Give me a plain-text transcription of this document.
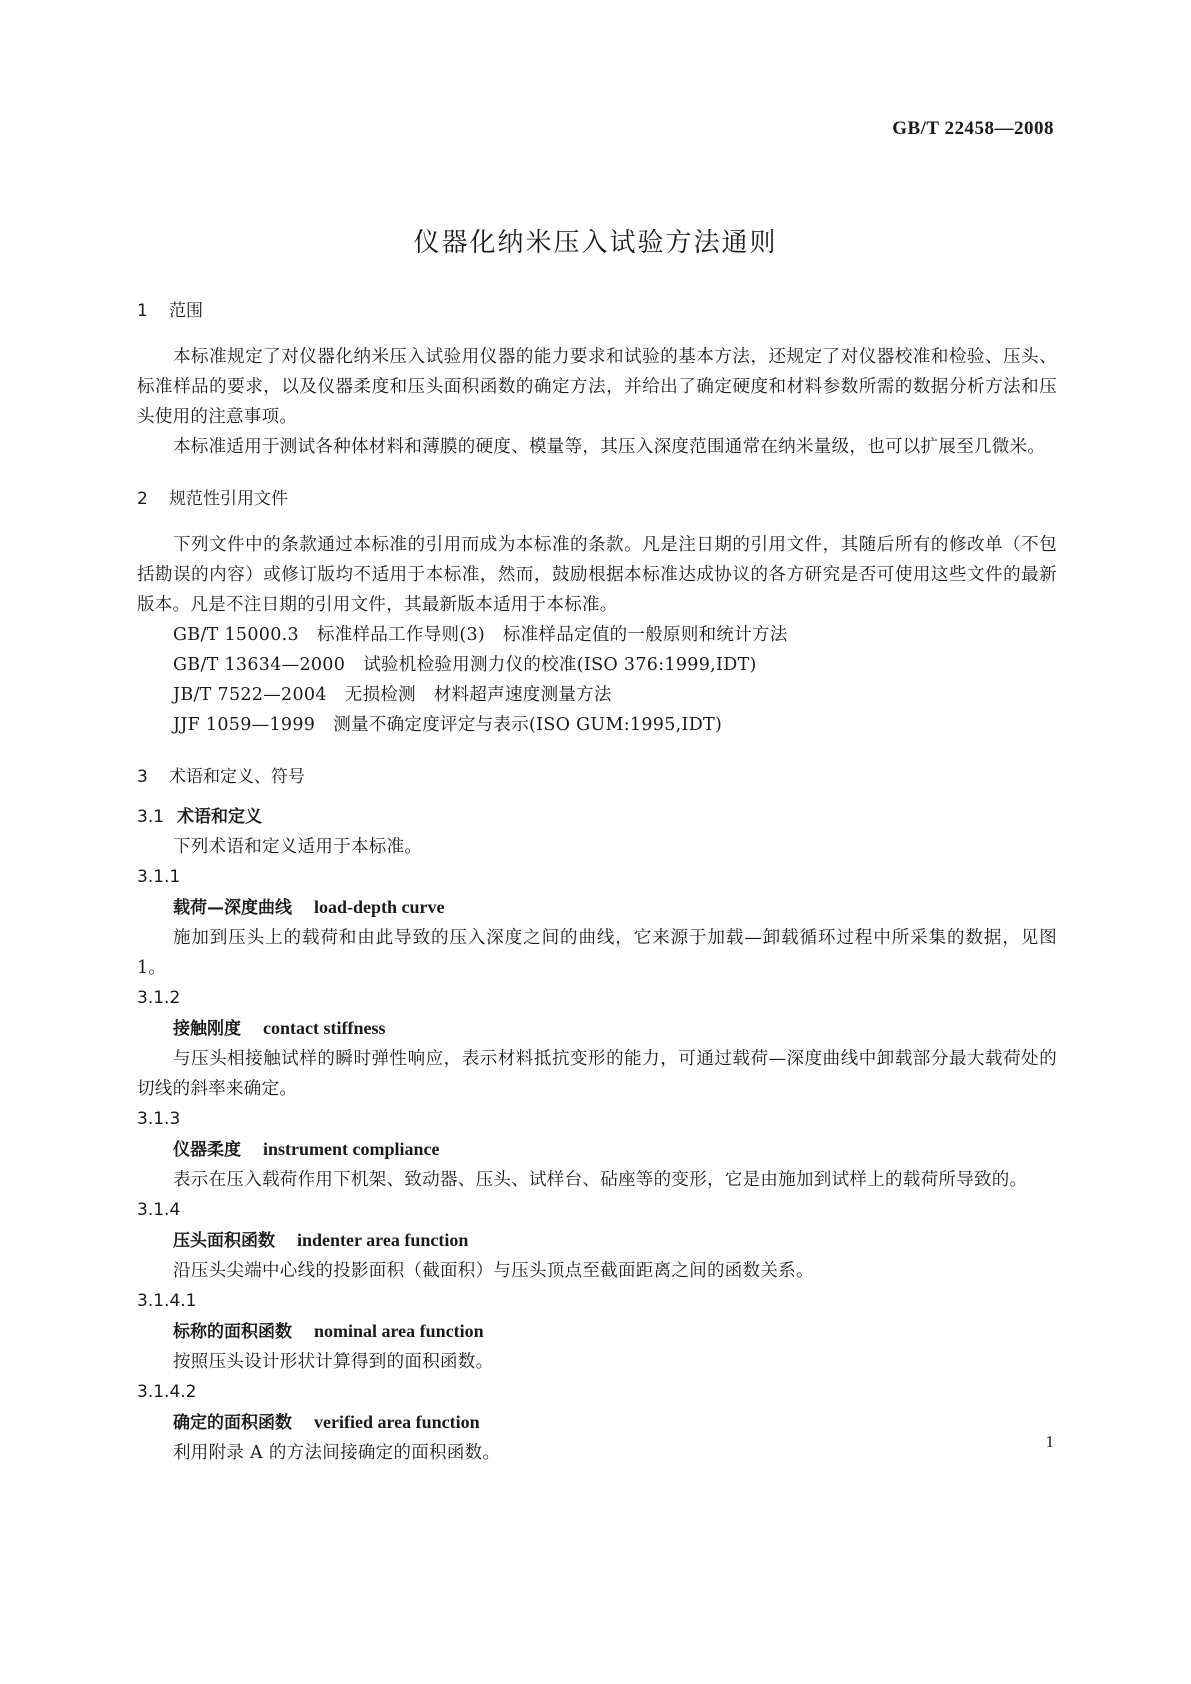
GB/T 22458—2008
仪器化纳米压入试验方法通则
1 范围

本标准规定了对仪器化纳米压入试验用仪器的能力要求和试验的基本方法，还规定了对仪器校准和检验、压头、标准样品的要求，以及仪器柔度和压头面积函数的确定方法，并给出了确定硬度和材料参数所需的数据分析方法和压头使用的注意事项。

本标准适用于测试各种体材料和薄膜的硬度、模量等，其压入深度范围通常在纳米量级，也可以扩展至几微米。

2 规范性引用文件

下列文件中的条款通过本标准的引用而成为本标准的条款。凡是注日期的引用文件，其随后所有的修改单（不包括勘误的内容）或修订版均不适用于本标准，然而，鼓励根据本标准达成协议的各方研究是否可使用这些文件的最新版本。凡是不注日期的引用文件，其最新版本适用于本标准。

GB/T 15000.3 标准样品工作导则(3)　标准样品定值的一般原则和统计方法
GB/T 13634—2000 试验机检验用测力仪的校准(ISO 376:1999,IDT)
JB/T 7522—2004 无损检测　材料超声速度测量方法
JJF 1059—1999 测量不确定度评定与表示(ISO GUM:1995,IDT)
3 术语和定义、符号
3.1 术语和定义

下列术语和定义适用于本标准。

3.1.1
载荷—深度曲线 load-depth curve

施加到压头上的载荷和由此导致的压入深度之间的曲线，它来源于加载—卸载循环过程中所采集的数据，见图 1。

3.1.2
接触刚度 contact stiffness

与压头相接触试样的瞬时弹性响应，表示材料抵抗变形的能力，可通过载荷—深度曲线中卸载部分最大载荷处的切线的斜率来确定。

3.1.3
仪器柔度 instrument compliance

表示在压入载荷作用下机架、致动器、压头、试样台、砧座等的变形，它是由施加到试样上的载荷所导致的。

3.1.4
压头面积函数 indenter area function

沿压头尖端中心线的投影面积（截面积）与压头顶点至截面距离之间的函数关系。

3.1.4.1
标称的面积函数 nominal area function

按照压头设计形状计算得到的面积函数。

3.1.4.2
确定的面积函数 verified area function

利用附录 A 的方法间接确定的面积函数。

1
